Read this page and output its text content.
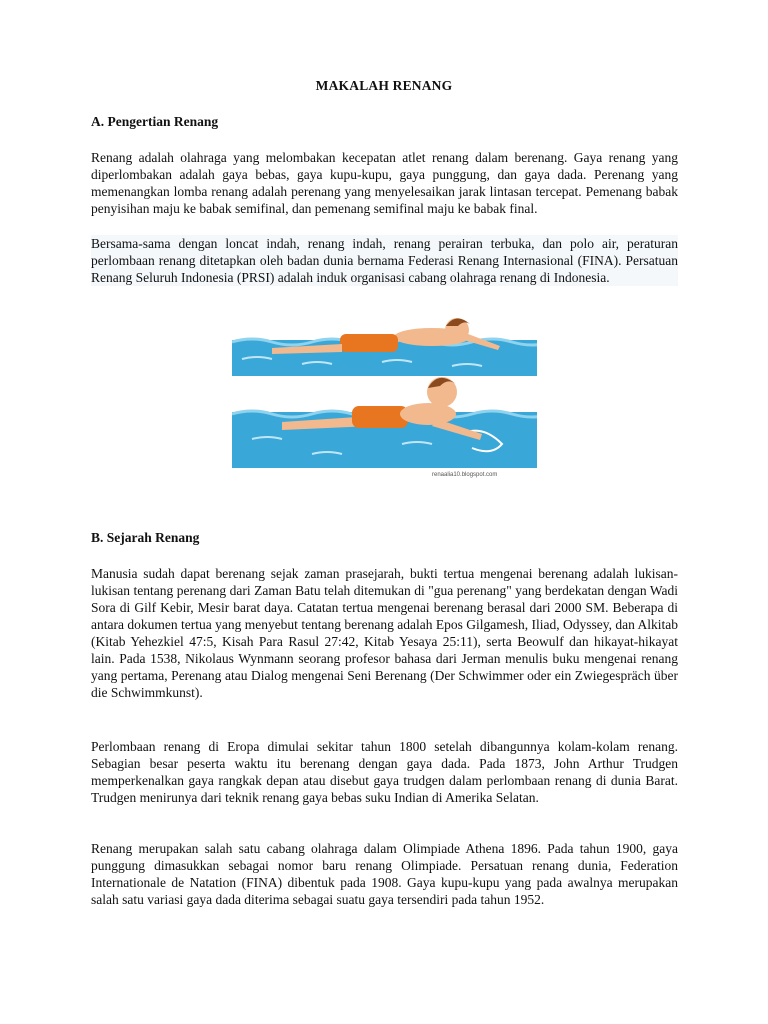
MAKALAH RENANG
A. Pengertian Renang

Renang adalah olahraga yang melombakan kecepatan atlet renang dalam berenang. Gaya renang yang diperlombakan adalah gaya bebas, gaya kupu-kupu, gaya punggung, dan gaya dada. Perenang yang memenangkan lomba renang adalah perenang yang menyelesaikan jarak lintasan tercepat. Pemenang babak penyisihan maju ke babak semifinal, dan pemenang semifinal maju ke babak final.

Bersama-sama dengan loncat indah, renang indah, renang perairan terbuka, dan polo air, peraturan perlombaan renang ditetapkan oleh badan dunia bernama Federasi Renang Internasional (FINA). Persatuan Renang Seluruh Indonesia (PRSI) adalah induk organisasi cabang olahraga renang di Indonesia.

renaalia10.blogspot.com
B. Sejarah Renang

Manusia sudah dapat berenang sejak zaman prasejarah, bukti tertua mengenai berenang adalah lukisan-lukisan tentang perenang dari Zaman Batu telah ditemukan di "gua perenang" yang berdekatan dengan Wadi Sora di Gilf Kebir, Mesir barat daya. Catatan tertua mengenai berenang berasal dari 2000 SM. Beberapa di antara dokumen tertua yang menyebut tentang berenang adalah Epos Gilgamesh, Iliad, Odyssey, dan Alkitab (Kitab Yehezkiel 47:5, Kisah Para Rasul 27:42, Kitab Yesaya 25:11), serta Beowulf dan hikayat-hikayat lain. Pada 1538, Nikolaus Wynmann seorang profesor bahasa dari Jerman menulis buku mengenai renang yang pertama, Perenang atau Dialog mengenai Seni Berenang (Der Schwimmer oder ein Zwiegespräch über die Schwimmkunst).

Perlombaan renang di Eropa dimulai sekitar tahun 1800 setelah dibangunnya kolam-kolam renang. Sebagian besar peserta waktu itu berenang dengan gaya dada. Pada 1873, John Arthur Trudgen memperkenalkan gaya rangkak depan atau disebut gaya trudgen dalam perlombaan renang di dunia Barat. Trudgen menirunya dari teknik renang gaya bebas suku Indian di Amerika Selatan.

Renang merupakan salah satu cabang olahraga dalam Olimpiade Athena 1896. Pada tahun 1900, gaya punggung dimasukkan sebagai nomor baru renang Olimpiade. Persatuan renang dunia, Federation Internationale de Natation (FINA) dibentuk pada 1908. Gaya kupu-kupu yang pada awalnya merupakan salah satu variasi gaya dada diterima sebagai suatu gaya tersendiri pada tahun 1952.
